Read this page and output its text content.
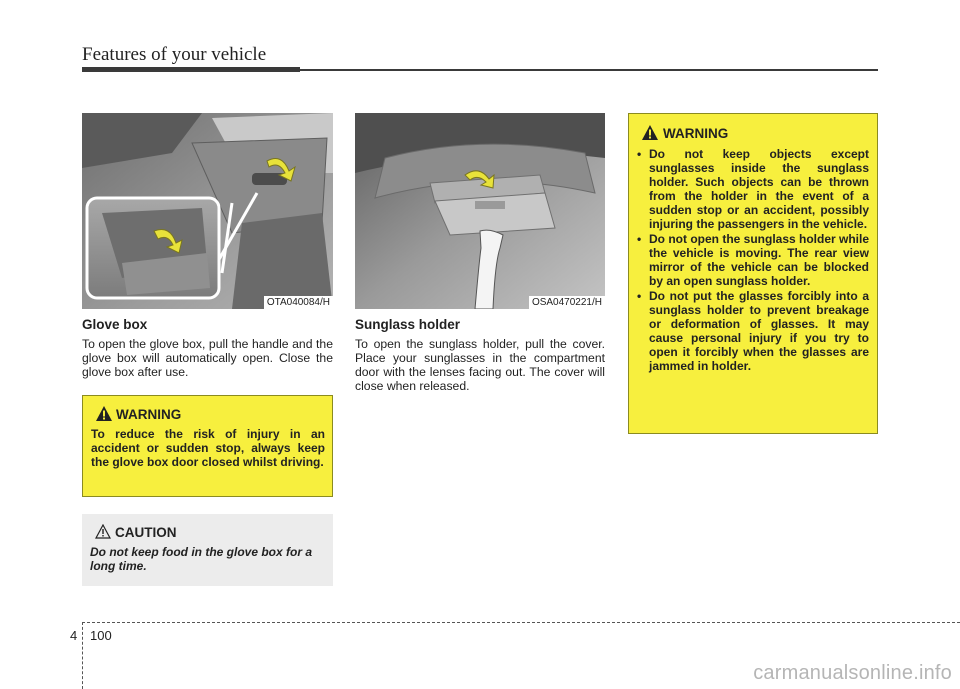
Features of your vehicle
OTA040084/H
Glove box
To open the glove box, pull the handle and the glove box will automatically open. Close the glove box after use.
WARNING
To reduce the risk of injury in an accident or sudden stop, always keep the glove box door closed whilst driving.
CAUTION
Do not keep food in the glove box for a long time.
OSA0470221/H
Sunglass holder
To open the sunglass holder, pull the cover. Place your sunglasses in the compartment door with the lenses facing out. The cover will close when released.
WARNING
• Do not keep objects except sunglasses inside the sunglass holder. Such objects can be thrown from the holder in the event of a sudden stop or an accident, possibly injuring the passengers in the vehicle.
• Do not open the sunglass holder while the vehicle is moving. The rear view mirror of the vehicle can be blocked by an open sunglass holder.
• Do not put the glasses forcibly into a sunglass holder to prevent breakage or deformation of glasses. It may cause personal injury if you try to open it forcibly when the glasses are jammed in holder.
4 100
carmanualsonline.info
